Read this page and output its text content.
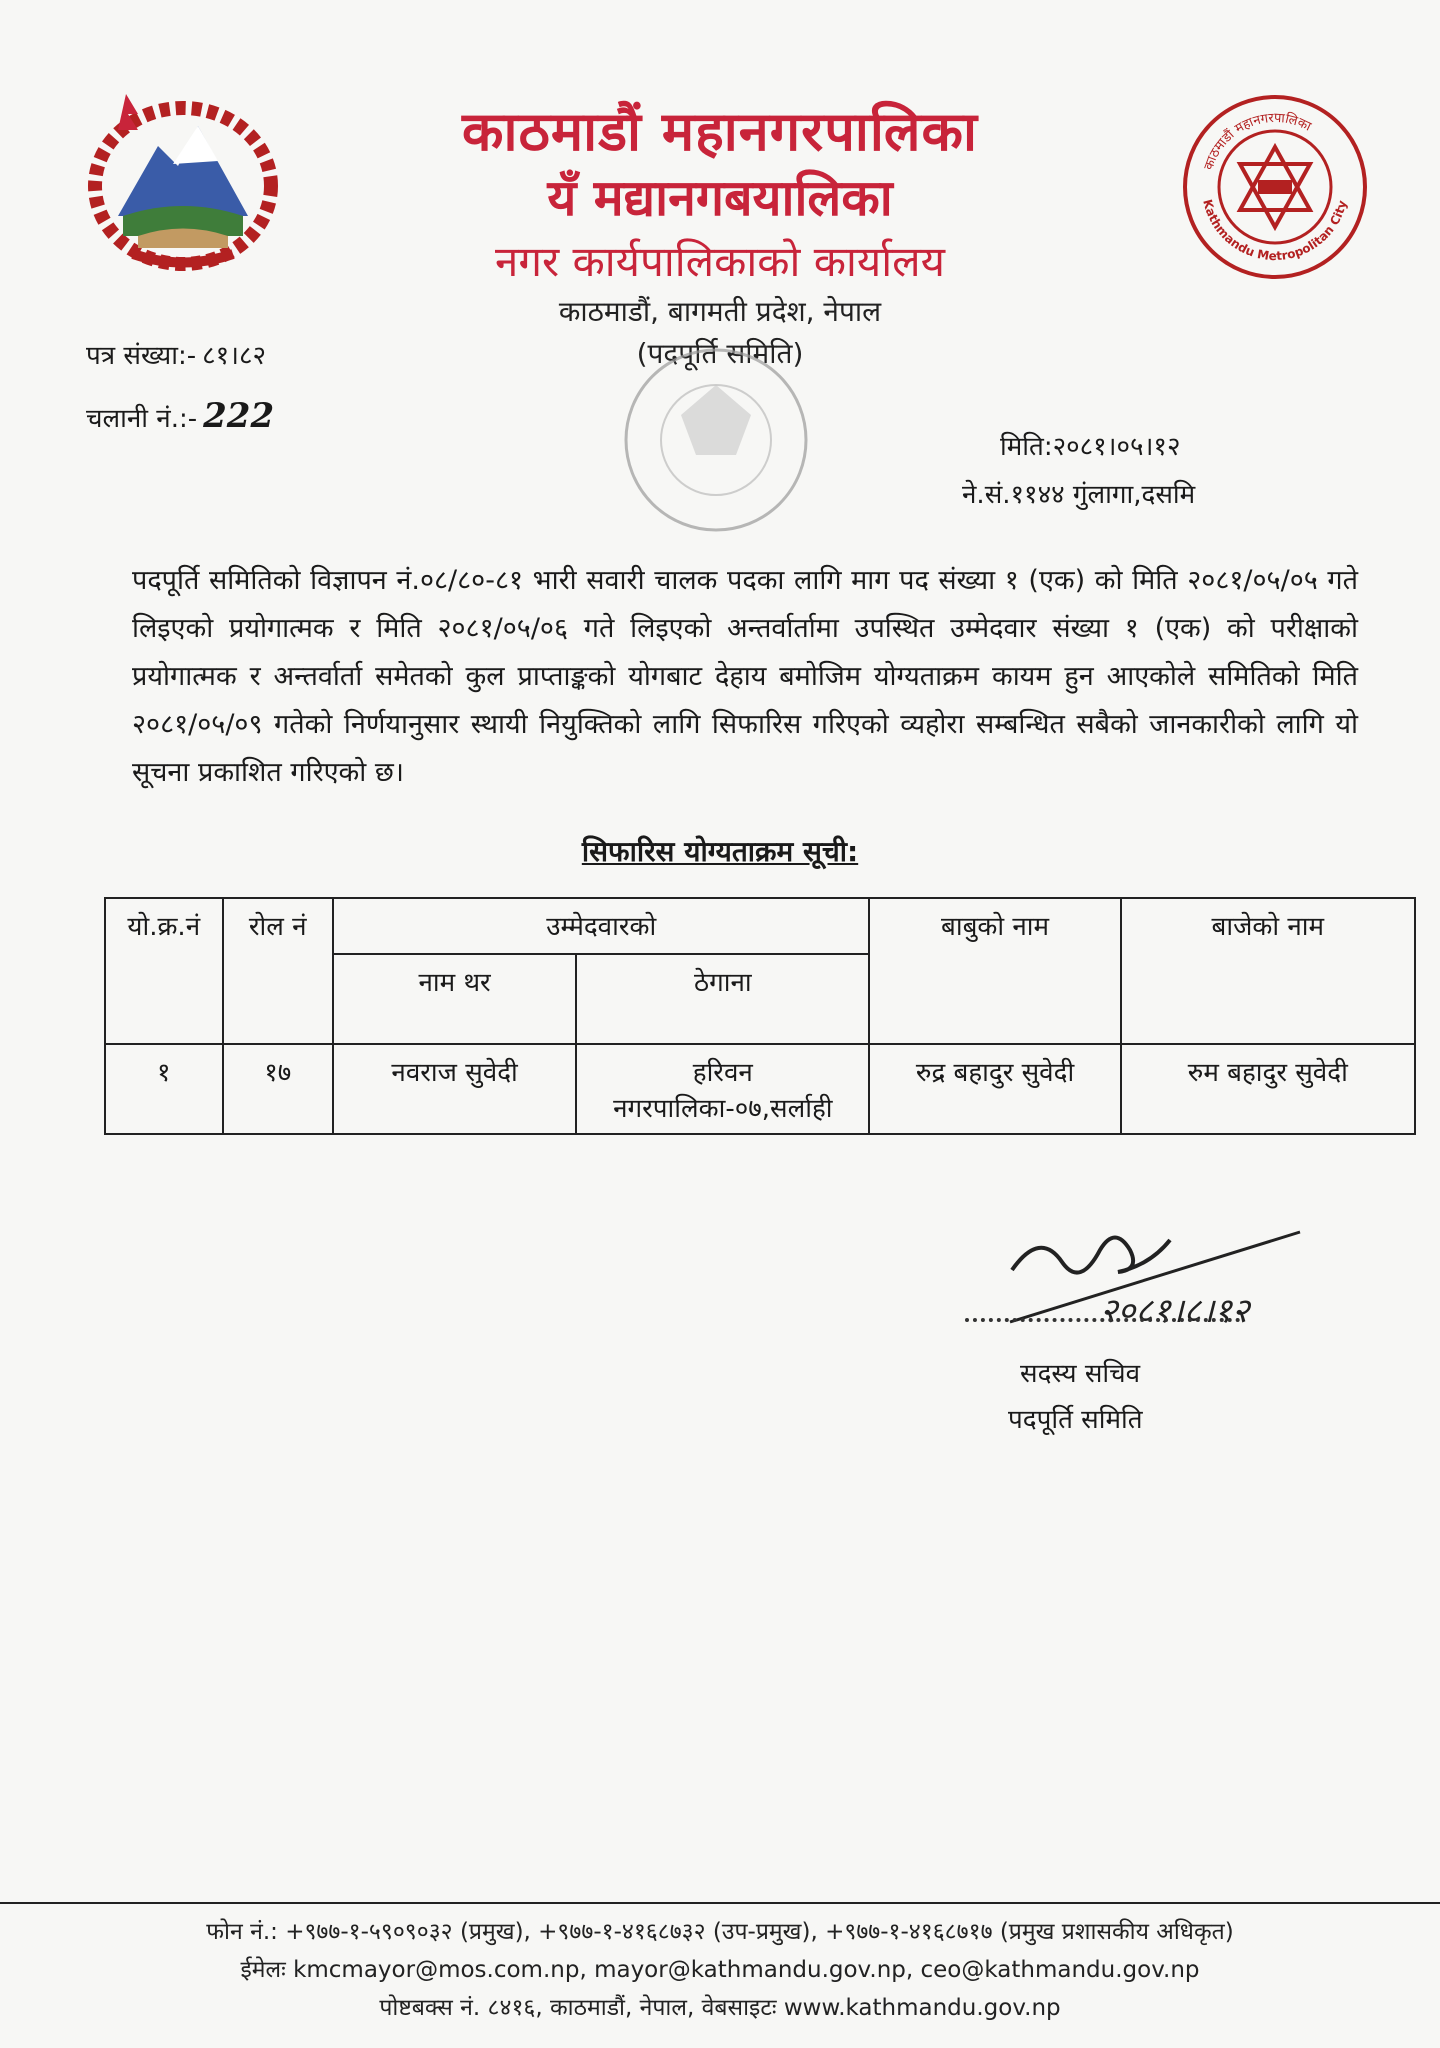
काठमाडौं महानगरपालिका
यँ मद्यानगबयालिका
नगर कार्यपालिकाको कार्यालय
काठमाडौं, बागमती प्रदेश, नेपाल
(पदपूर्ति समिति)
काठमाडौं महानगरपालिका
Kathmandu Metropolitan City
पत्र संख्या:- ८१।८२
चलानी नं.:- 222
मिति:२०८१।०५।१२
ने.सं.११४४ गुंलागा,दसमि
पदपूर्ति समितिको विज्ञापन नं.०८/८०-८१ भारी सवारी चालक पदका लागि माग पद संख्या १ (एक) को मिति २०८१/०५/०५ गते लिइएको प्रयोगात्मक र मिति २०८१/०५/०६ गते लिइएको अन्तर्वार्तामा उपस्थित उम्मेदवार संख्या १ (एक) को परीक्षाको प्रयोगात्मक र अन्तर्वार्ता समेतको कुल प्राप्ताङ्कको योगबाट देहाय बमोजिम योग्यताक्रम कायम हुन आएकोले समितिको मिति २०८१/०५/०९ गतेको निर्णयानुसार स्थायी नियुक्तिको लागि सिफारिस गरिएको व्यहोरा सम्बन्धित सबैको जानकारीको लागि यो सूचना प्रकाशित गरिएको छ।
सिफारिस योग्यताक्रम सूची:
यो.क्र.नं	रोल नं	उम्मेदवारको		बाबुको नाम	बाजेको नाम
		नाम थर	ठेगाना		
१	१७	नवराज सुवेदी	हरिवन नगरपालिका-०७,सर्लाही	रुद्र बहादुर सुवेदी	रुम बहादुर सुवेदी
२०८१।८।१२
सदस्य सचिव
पदपूर्ति समिति
फोन नं.: +९७७-१-५९०९०३२ (प्रमुख), +९७७-१-४१६८७३२ (उप-प्रमुख), +९७७-१-४१६८७१७ (प्रमुख प्रशासकीय अधिकृत)
ईमेलः kmcmayor@mos.com.np, mayor@kathmandu.gov.np, ceo@kathmandu.gov.np
पोष्टबक्स नं. ८४१६, काठमाडौं, नेपाल, वेबसाइटः www.kathmandu.gov.np
